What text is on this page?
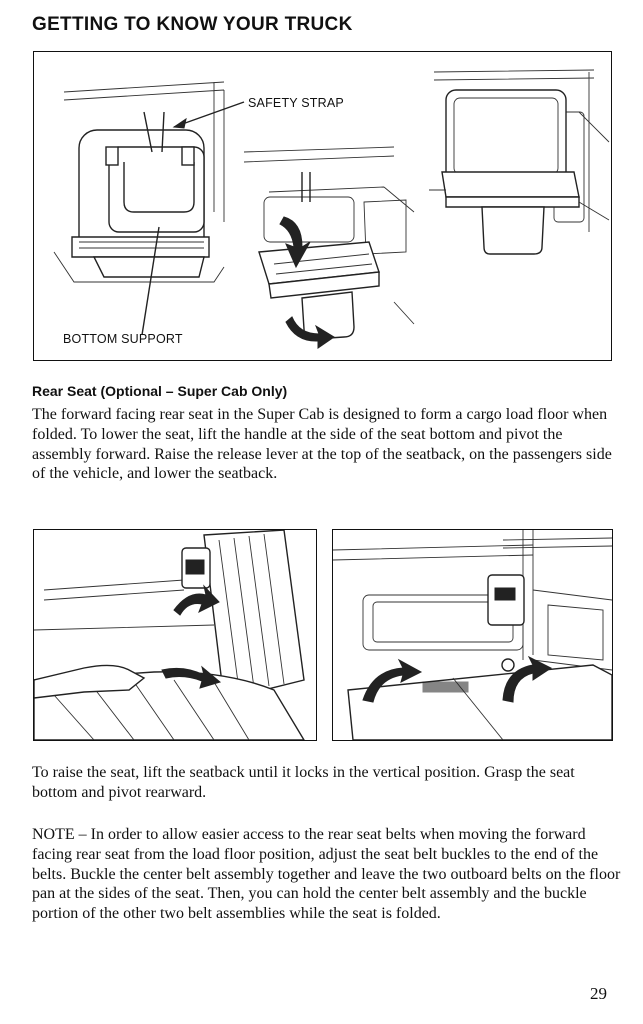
GETTING TO KNOW YOUR TRUCK
SAFETY STRAP
BOTTOM SUPPORT
Rear Seat (Optional – Super Cab Only)

The forward facing rear seat in the Super Cab is designed to form a cargo load floor when folded. To lower the seat, lift the handle at the side of the seat bottom and pivot the assembly forward. Raise the release lever at the top of the seatback, on the passengers side of the vehicle, and lower the seatback.

To raise the seat, lift the seatback until it locks in the vertical position. Grasp the seat bottom and pivot rearward.

NOTE – In order to allow easier access to the rear seat belts when moving the forward facing rear seat from the load floor position, adjust the seat belt buckles to the end of the belts. Buckle the center belt assembly together and leave the two outboard belts on the floor pan at the sides of the seat. Then, you can hold the center belt assembly and the buckle portion of the other two belt assemblies while the seat is folded.

29
